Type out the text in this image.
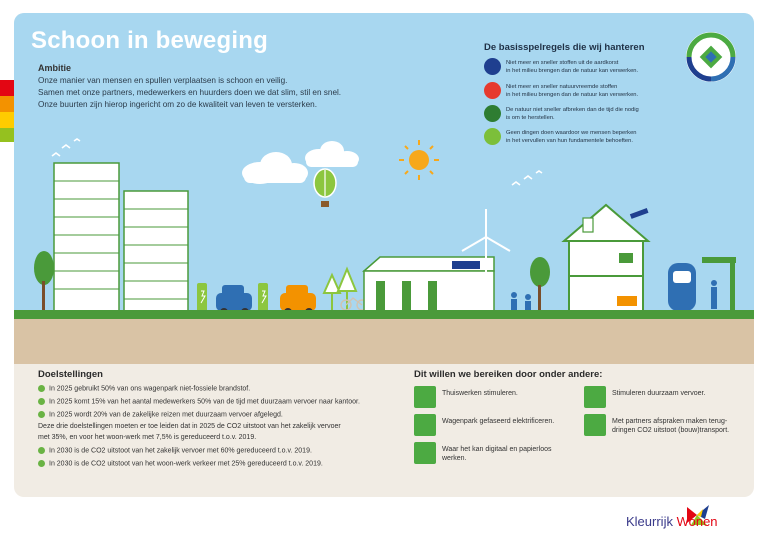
Schoon in beweging
Ambitie
Onze manier van mensen en spullen verplaatsen is schoon en veilig.
Samen met onze partners, medewerkers en huurders doen we dat slim, stil en snel.
Onze buurten zijn hierop ingericht om zo de kwaliteit van leven te versterken.
De basisspelregels die wij hanteren
Niet meer en sneller stoffen uit de aardkorst
in het milieu brengen dan de natuur kan verwerken.
Niet meer en sneller natuurvreemde stoffen
in het milieu brengen dan de natuur kan verwerken.
De natuur niet sneller afbreken dan de tijd die nodig
is om te herstellen.
Geen dingen doen waardoor we mensen beperken
in het vervullen van hun fundamentele behoeften.
Doelstellingen
In 2025 gebruikt 50% van ons wagenpark niet-fossiele brandstof.
In 2025 komt 15% van het aantal medewerkers 50% van de tijd met duurzaam vervoer naar kantoor.
In 2025 wordt 20% van de zakelijke reizen met duurzaam vervoer afgelegd.
Deze drie doelstellingen moeten er toe leiden dat in 2025 de CO2 uitstoot van het zakelijk vervoer
met 35%, en voor het woon-werk met 7,5% is gereduceerd t.o.v. 2019.
In 2030 is de CO2 uitstoot van het zakelijk vervoer met 60% gereduceerd t.o.v. 2019.
In 2030 is de CO2 uitstoot van het woon-werk verkeer met 25% gereduceerd t.o.v. 2019.
Dit willen we bereiken door onder andere:
Thuiswerken stimuleren.
Wagenpark gefaseerd elektrificeren.
Waar het kan digitaal en papierloos
werken.
Stimuleren duurzaam vervoer.
Met partners afspraken maken terug-
dringen CO2 uitstoot (bouw)transport.
Kleurrijk Wonen
